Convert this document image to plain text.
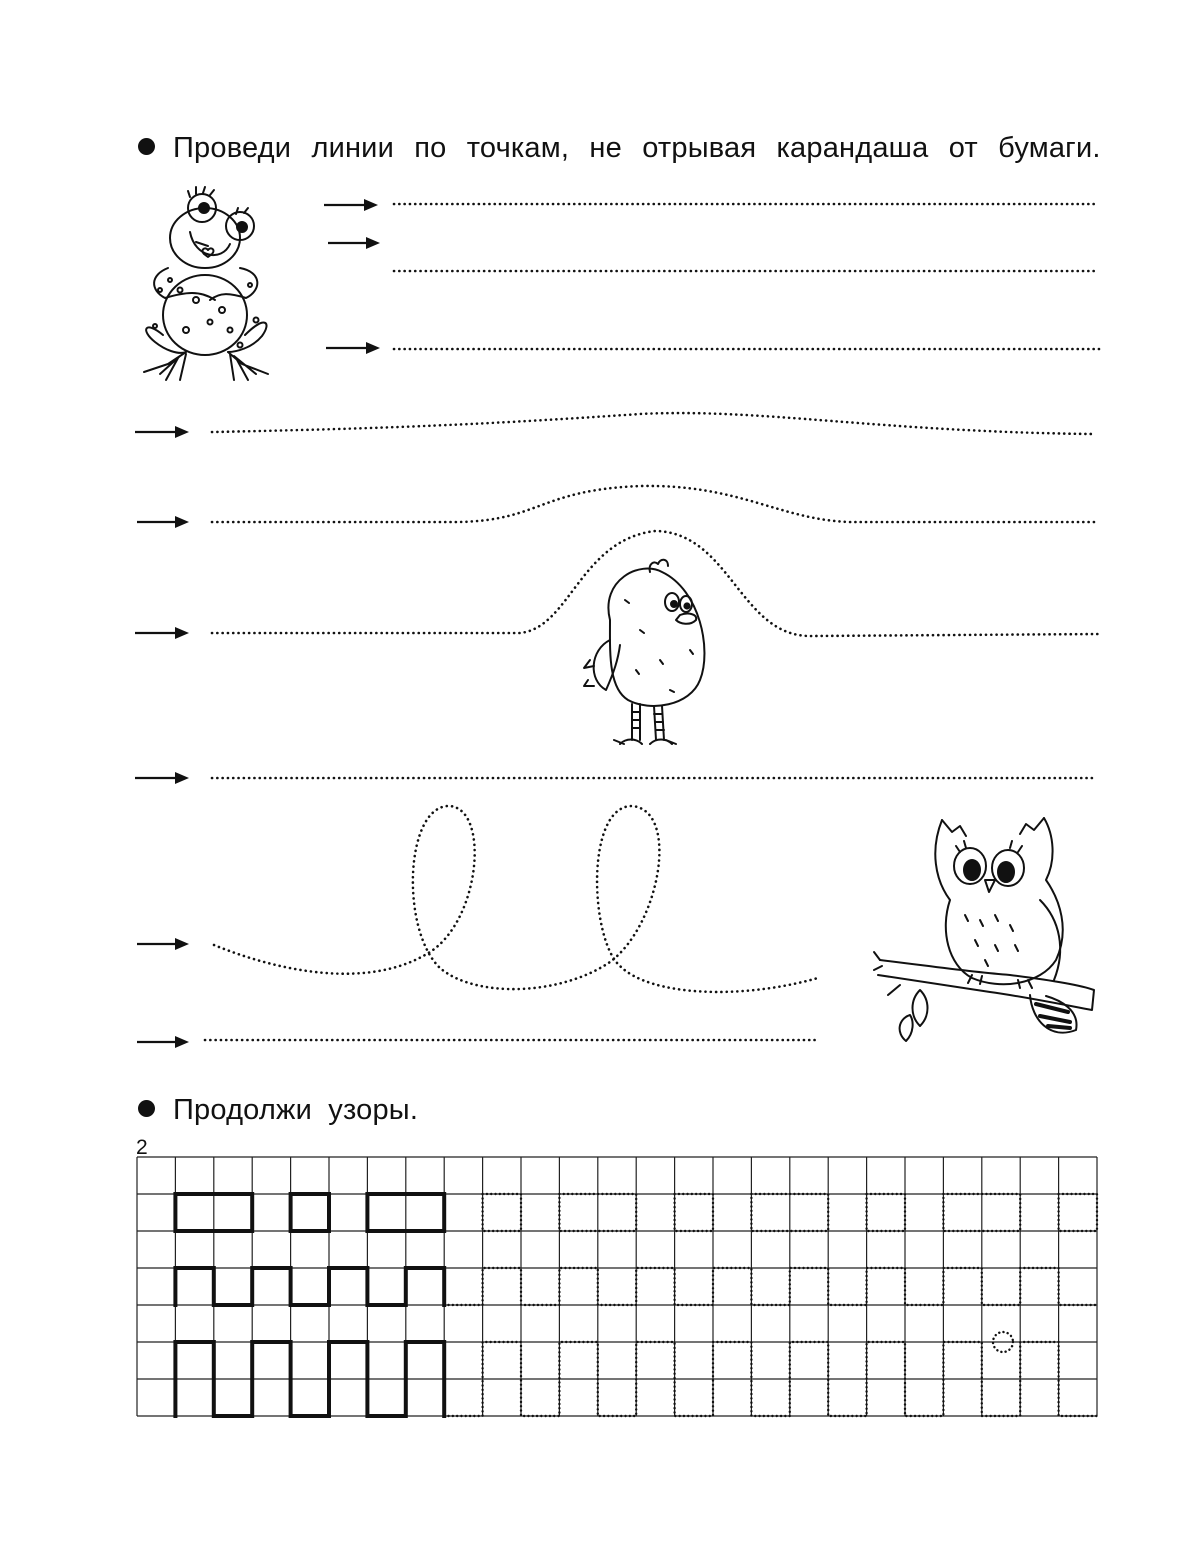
Проведи линии по точкам, не отрывая карандаша от бумаги.
Продолжи узоры.
2
